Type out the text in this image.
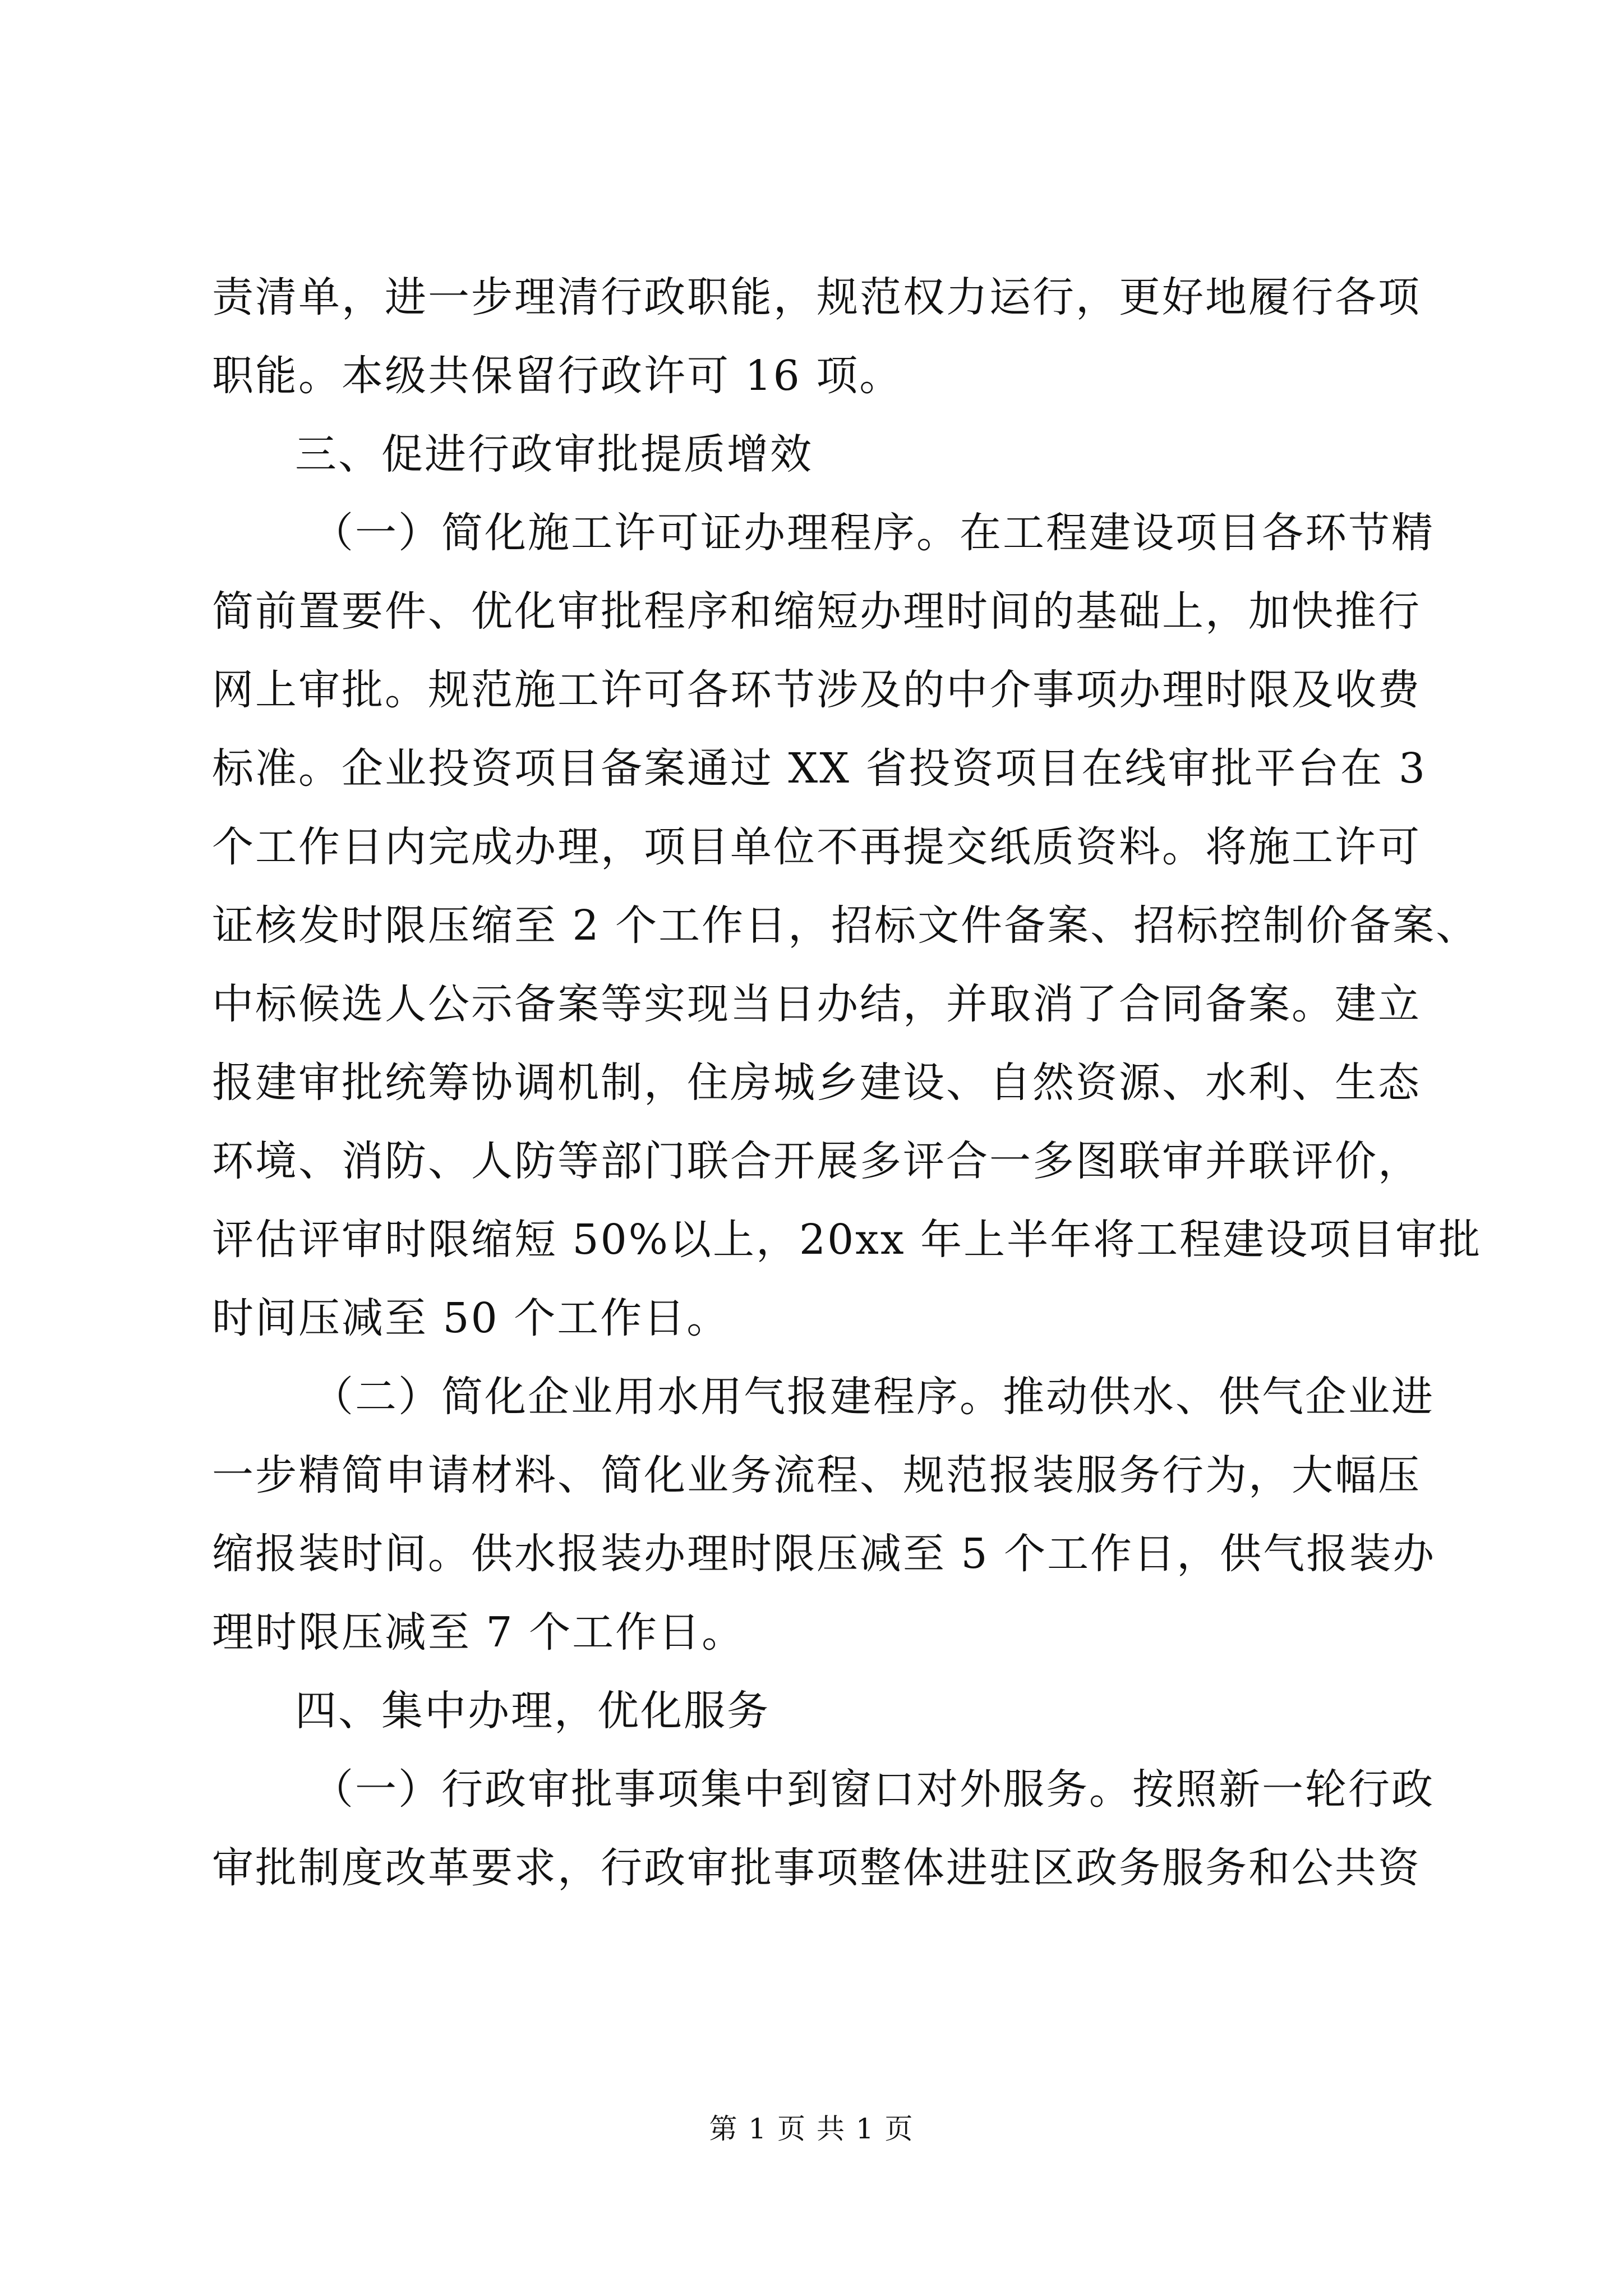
责清单，进一步理清行政职能，规范权力运行，更好地履行各项
职能。本级共保留行政许可 16 项。
三、促进行政审批提质增效
（一）简化施工许可证办理程序。在工程建设项目各环节精
简前置要件、优化审批程序和缩短办理时间的基础上，加快推行
网上审批。规范施工许可各环节涉及的中介事项办理时限及收费
标准。企业投资项目备案通过 XX 省投资项目在线审批平台在 3
个工作日内完成办理，项目单位不再提交纸质资料。将施工许可
证核发时限压缩至 2 个工作日，招标文件备案、招标控制价备案、
中标候选人公示备案等实现当日办结，并取消了合同备案。建立
报建审批统筹协调机制，住房城乡建设、自然资源、水利、生态
环境、消防、人防等部门联合开展多评合一多图联审并联评价，
评估评审时限缩短 50%以上，20xx 年上半年将工程建设项目审批
时间压减至 50 个工作日。
（二）简化企业用水用气报建程序。推动供水、供气企业进
一步精简申请材料、简化业务流程、规范报装服务行为，大幅压
缩报装时间。供水报装办理时限压减至 5 个工作日，供气报装办
理时限压减至 7 个工作日。
四、集中办理，优化服务
（一）行政审批事项集中到窗口对外服务。按照新一轮行政
审批制度改革要求，行政审批事项整体进驻区政务服务和公共资
第 1 页 共 1 页
